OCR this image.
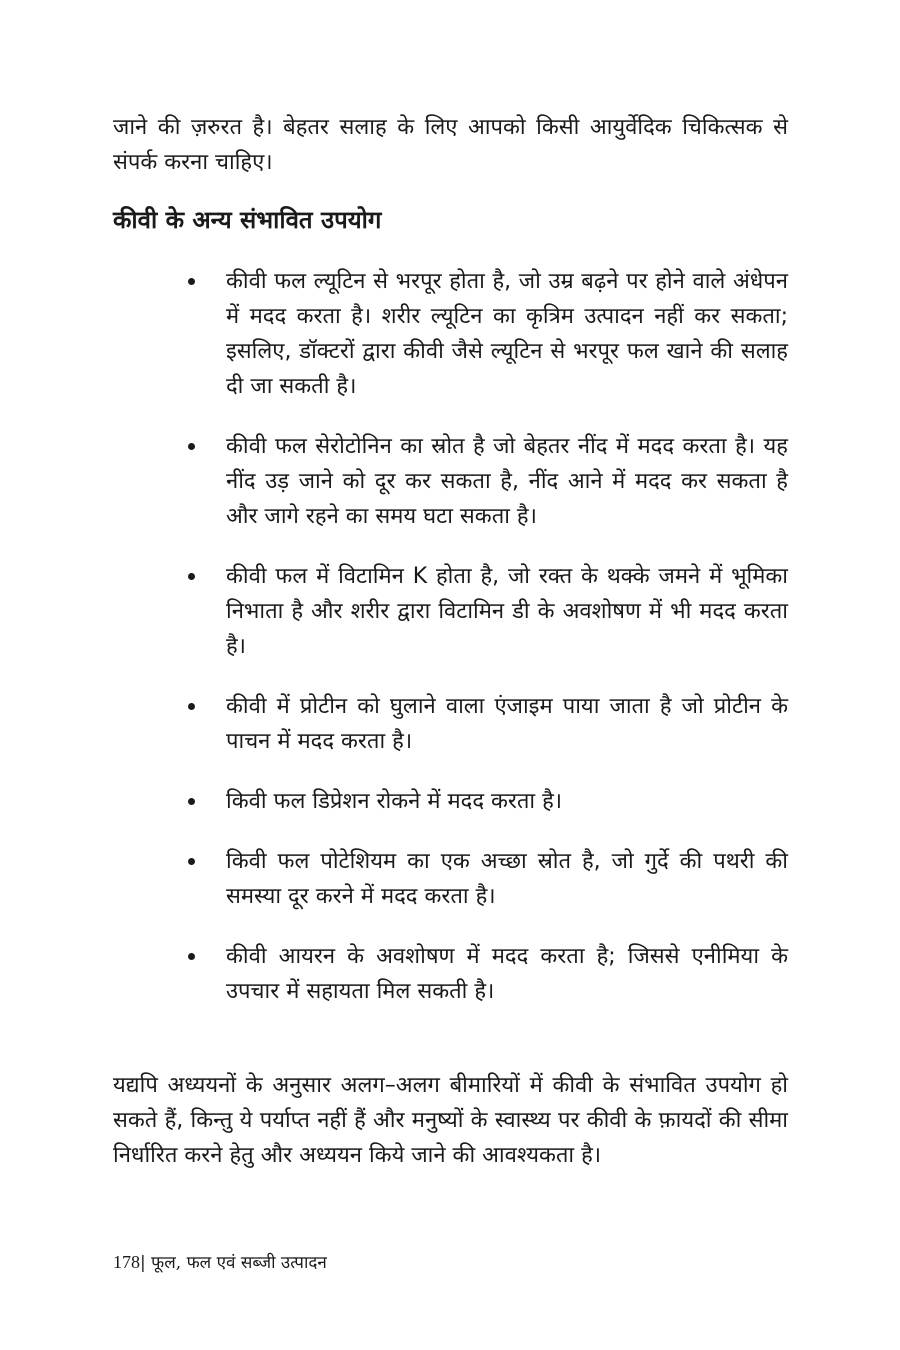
जाने की ज़रुरत है। बेहतर सलाह के लिए आपको किसी आयुर्वेदिक चिकित्सक से संपर्क करना चाहिए।

कीवी के अन्य संभावित उपयोग
कीवी फल ल्यूटिन से भरपूर होता है, जो उम्र बढ़ने पर होने वाले अंधेपन में मदद करता है। शरीर ल्यूटिन का कृत्रिम उत्पादन नहीं कर सकता; इसलिए, डॉक्टरों द्वारा कीवी जैसे ल्यूटिन से भरपूर फल खाने की सलाह दी जा सकती है।
कीवी फल सेरोटोनिन का स्रोत है जो बेहतर नींद में मदद करता है। यह नींद उड़ जाने को दूर कर सकता है, नींद आने में मदद कर सकता है और जागे रहने का समय घटा सकता है।
कीवी फल में विटामिन K होता है, जो रक्त के थक्के जमने में भूमिका निभाता है और शरीर द्वारा विटामिन डी के अवशोषण में भी मदद करता है।
कीवी में प्रोटीन को घुलाने वाला एंजाइम पाया जाता है जो प्रोटीन के पाचन में मदद करता है।
किवी फल डिप्रेशन रोकने में मदद करता है।
किवी फल पोटेशियम का एक अच्छा स्रोत है, जो गुर्दे की पथरी की समस्या दूर करने में मदद करता है।
कीवी आयरन के अवशोषण में मदद करता है; जिससे एनीमिया के उपचार में सहायता मिल सकती है।

यद्यपि अध्ययनों के अनुसार अलग–अलग बीमारियों में कीवी के संभावित उपयोग हो सकते हैं, किन्तु ये पर्याप्त नहीं हैं और मनुष्यों के स्वास्थ्य पर कीवी के फ़ायदों की सीमा निर्धारित करने हेतु और अध्ययन किये जाने की आवश्यकता है।

178| फूल, फल एवं सब्जी उत्पादन
